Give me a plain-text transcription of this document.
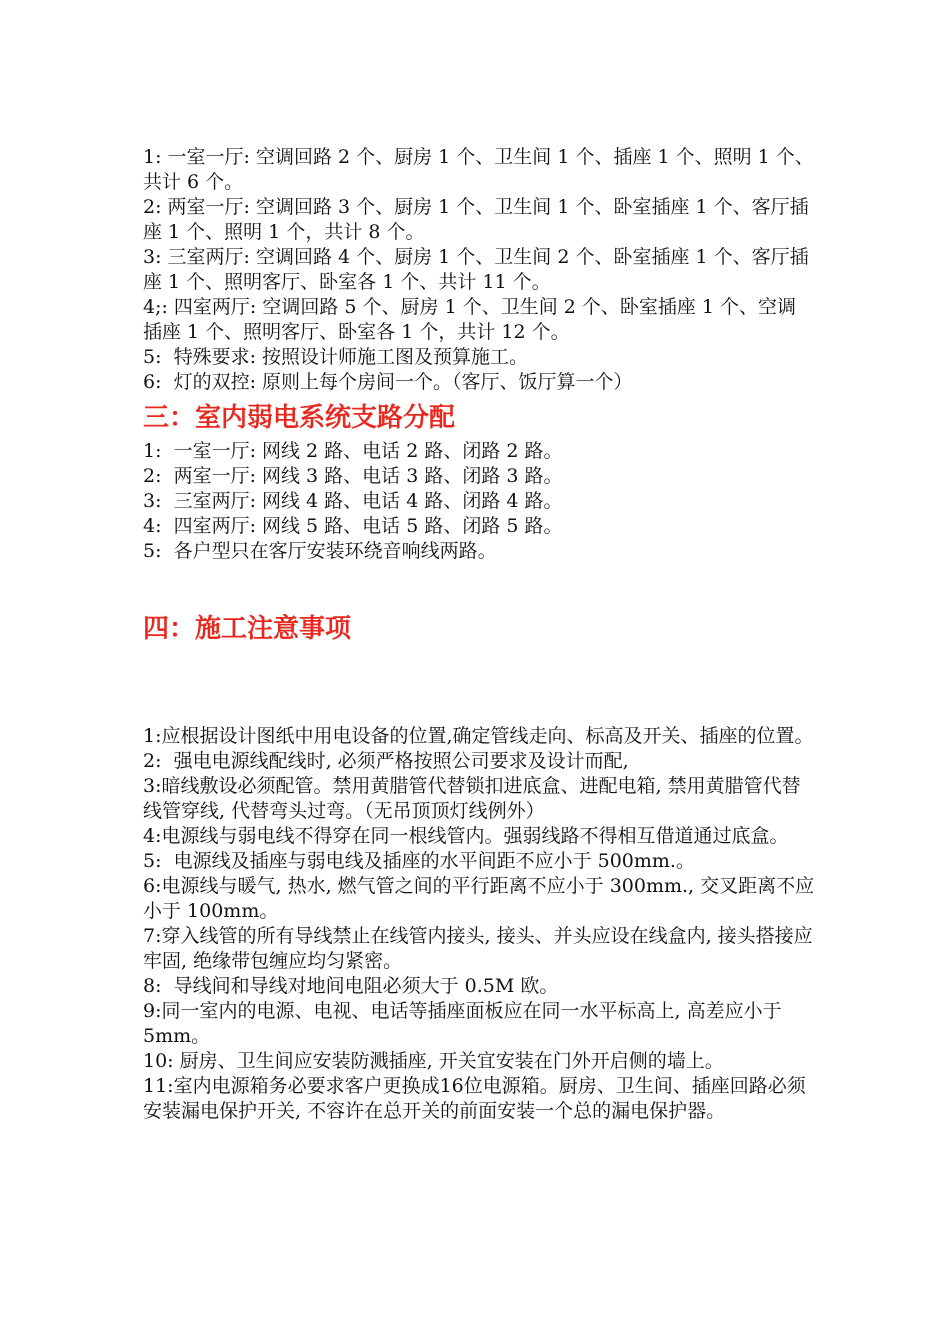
1: 一室一厅: 空调回路 2 个、厨房 1 个、卫生间 1 个、插座 1 个、照明 1 个、共计 6 个。

2: 两室一厅: 空调回路 3 个、厨房 1 个、卫生间 1 个、卧室插座 1 个、客厅插座 1 个、照明 1 个，共计 8 个。

3: 三室两厅: 空调回路 4 个、厨房 1 个、卫生间 2 个、卧室插座 1 个、客厅插座 1 个、照明客厅、卧室各 1 个、共计 11 个。

4;: 四室两厅: 空调回路 5 个、厨房 1 个、卫生间 2 个、卧室插座 1 个、空调插座 1 个、照明客厅、卧室各 1 个，共计 12 个。

5:  特殊要求: 按照设计师施工图及预算施工。

6:  灯的双控: 原则上每个房间一个。（客厅、饭厅算一个）

三：室内弱电系统支路分配

1:  一室一厅: 网线 2 路、电话 2 路、闭路 2 路。

2:  两室一厅: 网线 3 路、电话 3 路、闭路 3 路。

3:  三室两厅: 网线 4 路、电话 4 路、闭路 4 路。

4:  四室两厅: 网线 5 路、电话 5 路、闭路 5 路。

5:  各户型只在客厅安装环绕音响线两路。

四：施工注意事项

1:应根据设计图纸中用电设备的位置,确定管线走向、标高及开关、插座的位置。

2:  强电电源线配线时, 必须严格按照公司要求及设计而配,

3:暗线敷设必须配管。禁用黄腊管代替锁扣进底盒、进配电箱, 禁用黄腊管代替线管穿线, 代替弯头过弯。（无吊顶顶灯线例外）

4:电源线与弱电线不得穿在同一根线管内。强弱线路不得相互借道通过底盒。

5:  电源线及插座与弱电线及插座的水平间距不应小于 500mm.。

6:电源线与暖气, 热水, 燃气管之间的平行距离不应小于 300mm., 交叉距离不应小于 100mm。

7:穿入线管的所有导线禁止在线管内接头, 接头、并头应设在线盒内, 接头搭接应牢固, 绝缘带包缠应均匀紧密。

8:  导线间和导线对地间电阻必须大于 0.5M 欧。

9:同一室内的电源、电视、电话等插座面板应在同一水平标高上, 高差应小于 5mm。

10: 厨房、卫生间应安装防溅插座, 开关宜安装在门外开启侧的墙上。

11:室内电源箱务必要求客户更换成16位电源箱。厨房、卫生间、插座回路必须安装漏电保护开关, 不容许在总开关的前面安装一个总的漏电保护器。
